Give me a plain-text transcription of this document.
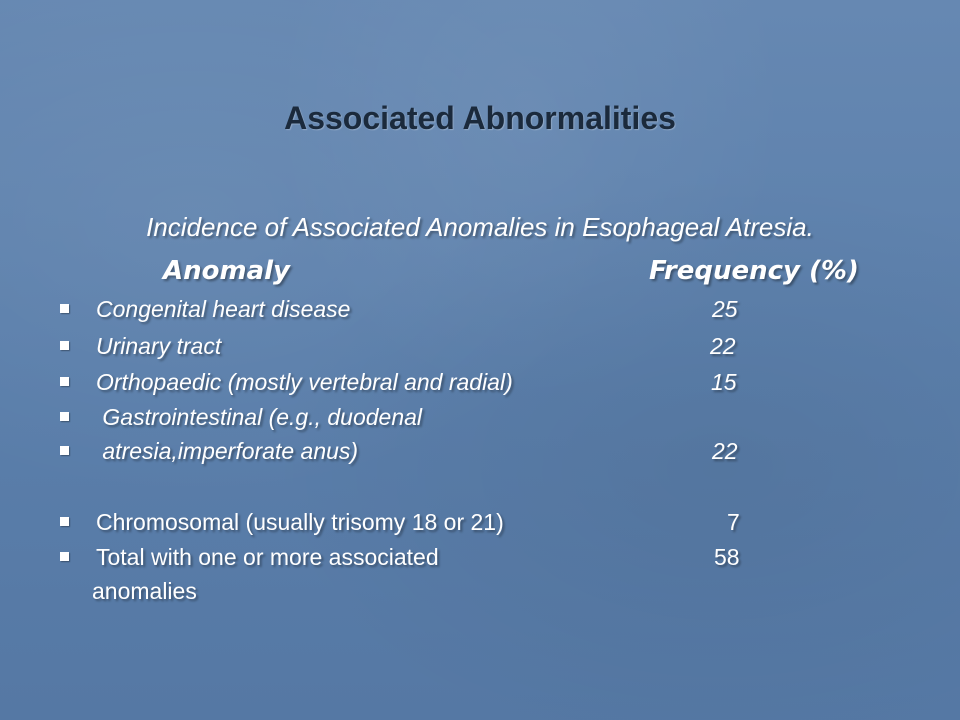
Associated Abnormalities
Incidence of Associated Anomalies in Esophageal Atresia.
Anomaly	Frequency (%)
Congenital heart disease	25
Urinary tract	22
Orthopaedic (mostly vertebral and radial)	15
Gastrointestinal (e.g., duodenal
atresia,imperforate anus)	22
Chromosomal (usually trisomy 18 or 21)	7
Total with one or more associated	58
anomalies
